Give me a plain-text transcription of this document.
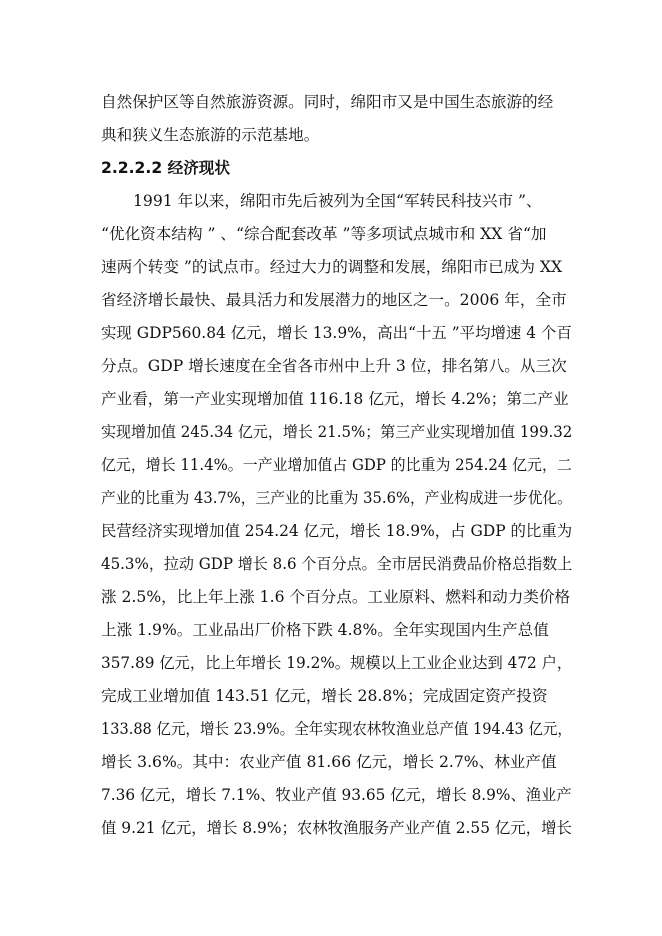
自然保护区等自然旅游资源。同时，绵阳市又是中国生态旅游的经
典和狭义生态旅游的示范基地。
2.2.2.2 经济现状
1991 年以来，绵阳市先后被列为全国“军转民科技兴市 ”、
“优化资本结构 ” 、“综合配套改革 ”等多项试点城市和 XX 省“加
速两个转变 ”的试点市。经过大力的调整和发展，绵阳市已成为 XX
省经济增长最快、最具活力和发展潜力的地区之一。2006 年，全市
实现 GDP560.84 亿元，增长 13.9%，高出“十五 ”平均增速 4 个百
分点。GDP 增长速度在全省各市州中上升 3 位，排名第八。从三次
产业看，第一产业实现增加值 116.18 亿元，增长 4.2%；第二产业
实现增加值 245.34 亿元，增长 21.5%；第三产业实现增加值 199.32
亿元，增长 11.4%。一产业增加值占 GDP 的比重为 254.24 亿元，二
产业的比重为 43.7%，三产业的比重为 35.6%，产业构成进一步优化。
民营经济实现增加值 254.24 亿元，增长 18.9%，占 GDP 的比重为
45.3%，拉动 GDP 增长 8.6 个百分点。全市居民消费品价格总指数上
涨 2.5%，比上年上涨 1.6 个百分点。工业原料、燃料和动力类价格
上涨 1.9%。工业品出厂价格下跌 4.8%。全年实现国内生产总值
357.89 亿元，比上年增长 19.2%。规模以上工业企业达到 472 户，
完成工业增加值 143.51 亿元，增长 28.8%；完成固定资产投资
133.88 亿元，增长 23.9%。全年实现农林牧渔业总产值 194.43 亿元，
增长 3.6%。其中：农业产值 81.66 亿元，增长 2.7%、林业产值
7.36 亿元，增长 7.1%、牧业产值 93.65 亿元，增长 8.9%、渔业产
值 9.21 亿元，增长 8.9%；农林牧渔服务产业产值 2.55 亿元，增长
